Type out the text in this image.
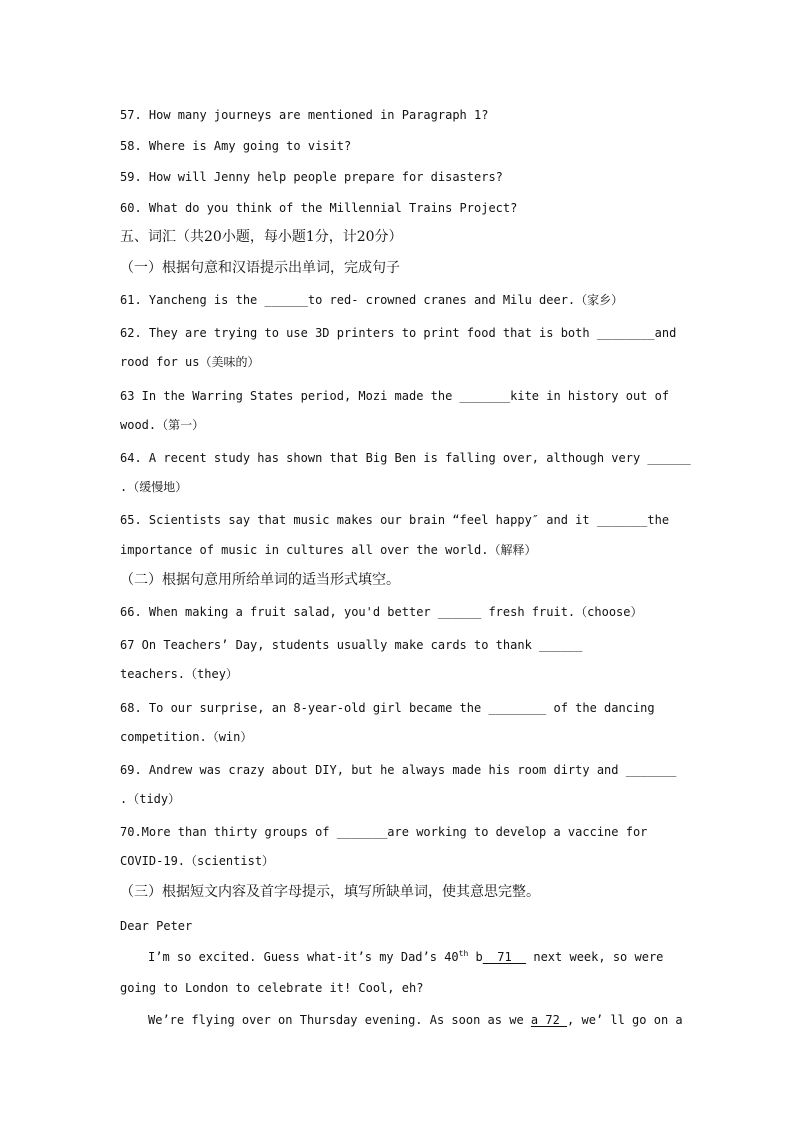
57. How many journeys are mentioned in Paragraph 1?
58. Where is Amy going to visit?
59. How will Jenny help people prepare for disasters?
60. What do you think of the Millennial Trains Project?
五、词汇（共20小题，每小题1分，计20分）
（一）根据句意和汉语提示出单词，完成句子
61. Yancheng is the ______to red- crowned cranes and Milu deer.（家乡）
62. They are trying to use 3D printers to print food that is both ________and
rood for us（美味的）
63 In the Warring States period, Mozi made the _______kite in history out of
wood.（第一）
64. A recent study has shown that Big Ben is falling over, although very ______
.（缓慢地）
65. Scientists say that music makes our brain “feel happy″ and it _______the
importance of music in cultures all over the world.（解释）
（二）根据句意用所给单词的适当形式填空。
66. When making a fruit salad, you'd better ______ fresh fruit.（choose）
67 On Teachers’ Day, students usually make cards to thank ______
teachers.（they）
68. To our surprise, an 8-year-old girl became the ________ of the dancing
competition.（win）
69. Andrew was crazy about DIY, but he always made his room dirty and _______
.（tidy）
70.More than thirty groups of _______are working to develop a vaccine for
COVID-19.（scientist）
（三）根据短文内容及首字母提示，填写所缺单词，使其意思完整。
Dear Peter
I’m so excited. Guess what-it’s my Dad’s 40th b  71   next week, so were
going to London to celebrate it! Cool, eh?
We’re flying over on Thursday evening. As soon as we a 72 , we’ ll go on a
